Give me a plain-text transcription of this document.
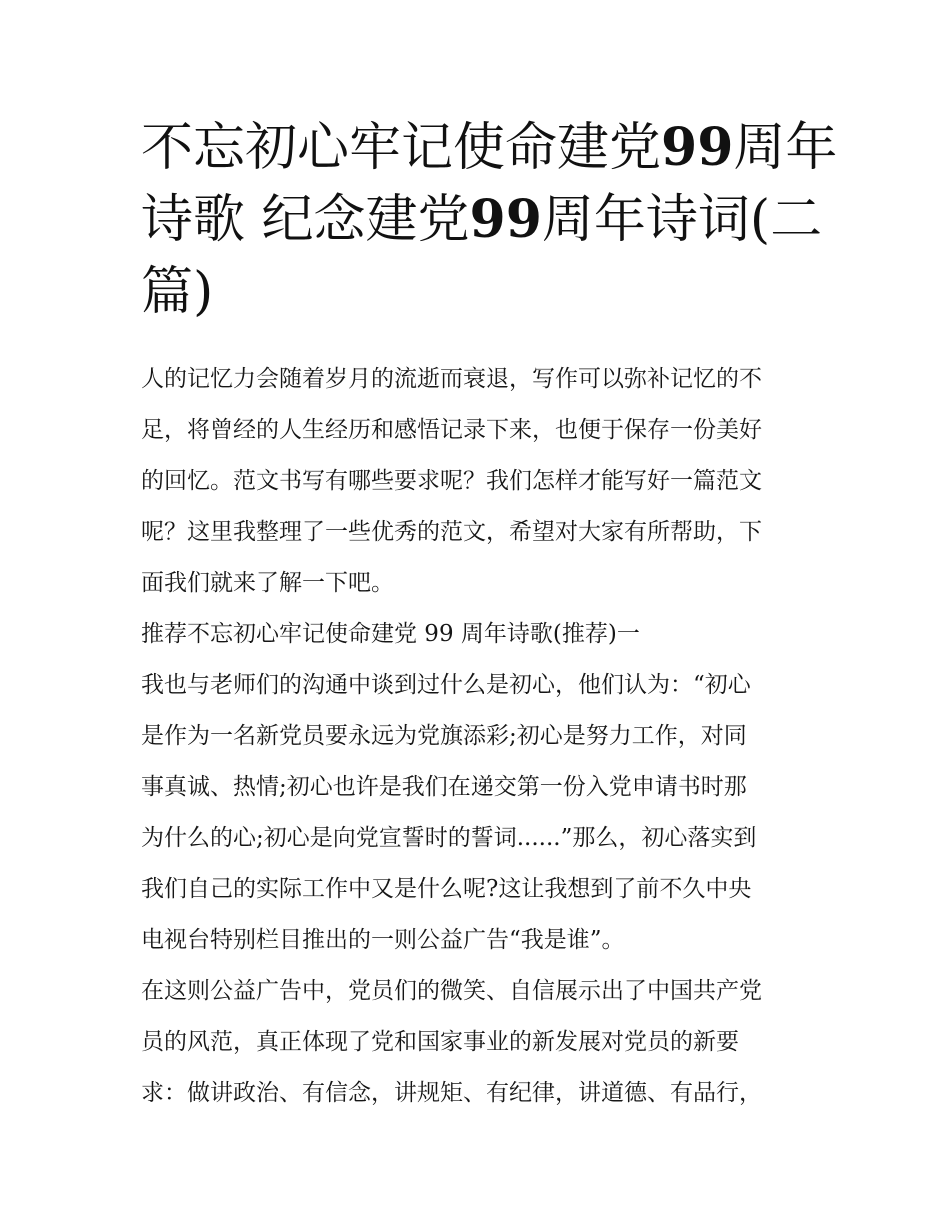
不忘初心牢记使命建党99周年
诗歌 纪念建党99周年诗词(二
篇)
人的记忆力会随着岁月的流逝而衰退，写作可以弥补记忆的不
足，将曾经的人生经历和感悟记录下来，也便于保存一份美好
的回忆。范文书写有哪些要求呢？我们怎样才能写好一篇范文
呢？这里我整理了一些优秀的范文，希望对大家有所帮助，下
面我们就来了解一下吧。
推荐不忘初心牢记使命建党 99 周年诗歌(推荐)一
我也与老师们的沟通中谈到过什么是初心，他们认为：“初心
是作为一名新党员要永远为党旗添彩;初心是努力工作，对同
事真诚、热情;初心也许是我们在递交第一份入党申请书时那
为什么的心;初心是向党宣誓时的誓词......”那么，初心落实到
我们自己的实际工作中又是什么呢?这让我想到了前不久中央
电视台特别栏目推出的一则公益广告“我是谁”。
在这则公益广告中，党员们的微笑、自信展示出了中国共产党
员的风范，真正体现了党和国家事业的新发展对党员的新要
求：做讲政治、有信念，讲规矩、有纪律，讲道德、有品行，
